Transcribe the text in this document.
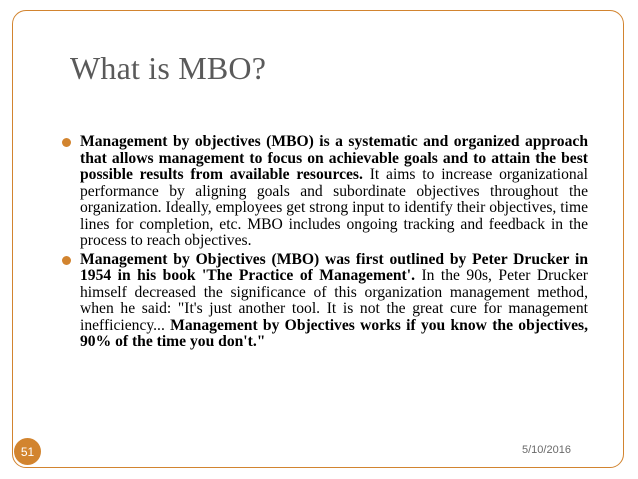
What is MBO?
Management by objectives (MBO) is a systematic and organized approach that allows management to focus on achievable goals and to attain the best possible results from available resources. It aims to increase organizational performance by aligning goals and subordinate objectives throughout the organization. Ideally, employees get strong input to identify their objectives, time lines for completion, etc. MBO includes ongoing tracking and feedback in the process to reach objectives.
Management by Objectives (MBO) was first outlined by Peter Drucker in 1954 in his book 'The Practice of Management'. In the 90s, Peter Drucker himself decreased the significance of this organization management method, when he said: "It's just another tool. It is not the great cure for management inefficiency... Management by Objectives works if you know the objectives, 90% of the time you don't."
51	5/10/2016
